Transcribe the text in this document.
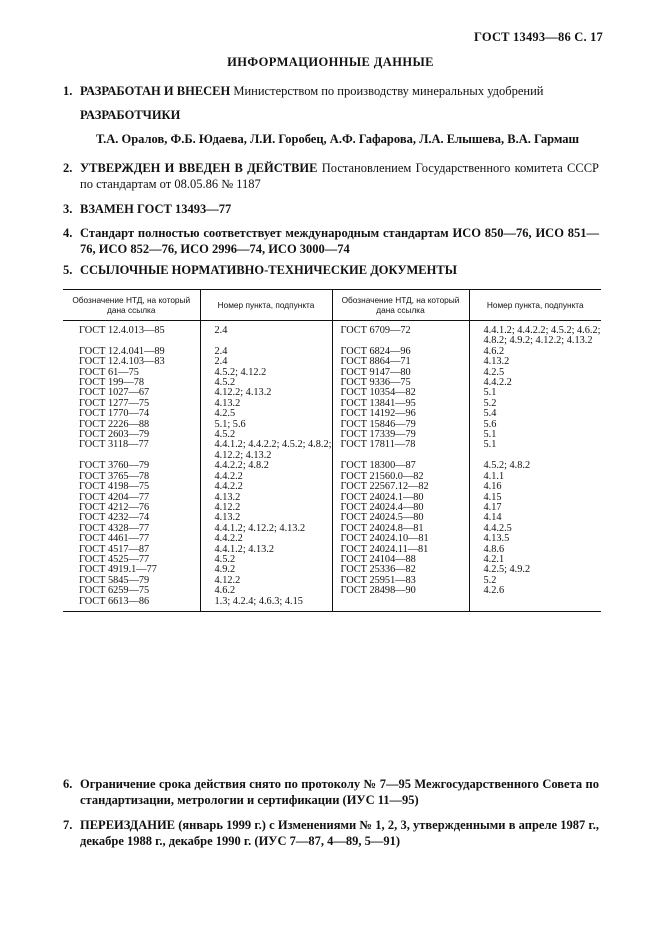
ГОСТ 13493—86 С. 17
ИНФОРМАЦИОННЫЕ ДАННЫЕ
1. РАЗРАБОТАН И ВНЕСЕН Министерством по производству минеральных удобрений
РАЗРАБОТЧИКИ
Т.А. Оралов, Ф.Б. Юдаева, Л.И. Горобец, А.Ф. Гафарова, Л.А. Елышева, В.А. Гармаш
2. УТВЕРЖДЕН И ВВЕДЕН В ДЕЙСТВИЕ Постановлением Государственного комитета СССР по стандартам от 08.05.86 № 1187
3. ВЗАМЕН ГОСТ 13493—77
4. Стандарт полностью соответствует международным стандартам ИСО 850—76, ИСО 851—76, ИСО 852—76, ИСО 2996—74, ИСО 3000—74
5. ССЫЛОЧНЫЕ НОРМАТИВНО-ТЕХНИЧЕСКИЕ ДОКУМЕНТЫ
Обозначение НТД, на который дана ссылка	Номер пункта, подпункта	Обозначение НТД, на который дана ссылка	Номер пункта, подпункта
ГОСТ 12.4.013—85	2.4	ГОСТ 6709—72	4.4.1.2; 4.4.2.2; 4.5.2; 4.6.2; 4.8.2; 4.9.2; 4.12.2; 4.13.2
ГОСТ 12.4.041—89	2.4	ГОСТ 6824—96	4.6.2
ГОСТ 12.4.103—83	2.4	ГОСТ 8864—71	4.13.2
ГОСТ 61—75	4.5.2; 4.12.2	ГОСТ 9147—80	4.2.5
ГОСТ 199—78	4.5.2	ГОСТ 9336—75	4.4.2.2
ГОСТ 1027—67	4.12.2; 4.13.2	ГОСТ 10354—82	5.1
ГОСТ 1277—75	4.13.2	ГОСТ 13841—95	5.2
ГОСТ 1770—74	4.2.5	ГОСТ 14192—96	5.4
ГОСТ 2226—88	5.1; 5.6	ГОСТ 15846—79	5.6
ГОСТ 2603—79	4.5.2	ГОСТ 17339—79	5.1
ГОСТ 3118—77	4.4.1.2; 4.4.2.2; 4.5.2; 4.8.2; 4.12.2; 4.13.2	ГОСТ 17811—78	5.1
ГОСТ 3760—79	4.4.2.2; 4.8.2	ГОСТ 18300—87	4.5.2; 4.8.2
ГОСТ 3765—78	4.4.2.2	ГОСТ 21560.0—82	4.1.1
ГОСТ 4198—75	4.4.2.2	ГОСТ 22567.12—82	4.16
ГОСТ 4204—77	4.13.2	ГОСТ 24024.1—80	4.15
ГОСТ 4212—76	4.12.2	ГОСТ 24024.4—80	4.17
ГОСТ 4232—74	4.13.2	ГОСТ 24024.5—80	4.14
ГОСТ 4328—77	4.4.1.2; 4.12.2; 4.13.2	ГОСТ 24024.8—81	4.4.2.5
ГОСТ 4461—77	4.4.2.2	ГОСТ 24024.10—81	4.13.5
ГОСТ 4517—87	4.4.1.2; 4.13.2	ГОСТ 24024.11—81	4.8.6
ГОСТ 4525—77	4.5.2	ГОСТ 24104—88	4.2.1
ГОСТ 4919.1—77	4.9.2	ГОСТ 25336—82	4.2.5; 4.9.2
ГОСТ 5845—79	4.12.2	ГОСТ 25951—83	5.2
ГОСТ 6259—75	4.6.2	ГОСТ 28498—90	4.2.6
ГОСТ 6613—86	1.3; 4.2.4; 4.6.3; 4.15		
6. Ограничение срока действия снято по протоколу № 7—95 Межгосударственного Совета по стандартизации, метрологии и сертификации (ИУС 11—95)
7. ПЕРЕИЗДАНИЕ (январь 1999 г.) с Изменениями № 1, 2, 3, утвержденными в апреле 1987 г., декабре 1988 г., декабре 1990 г. (ИУС 7—87, 4—89, 5—91)
